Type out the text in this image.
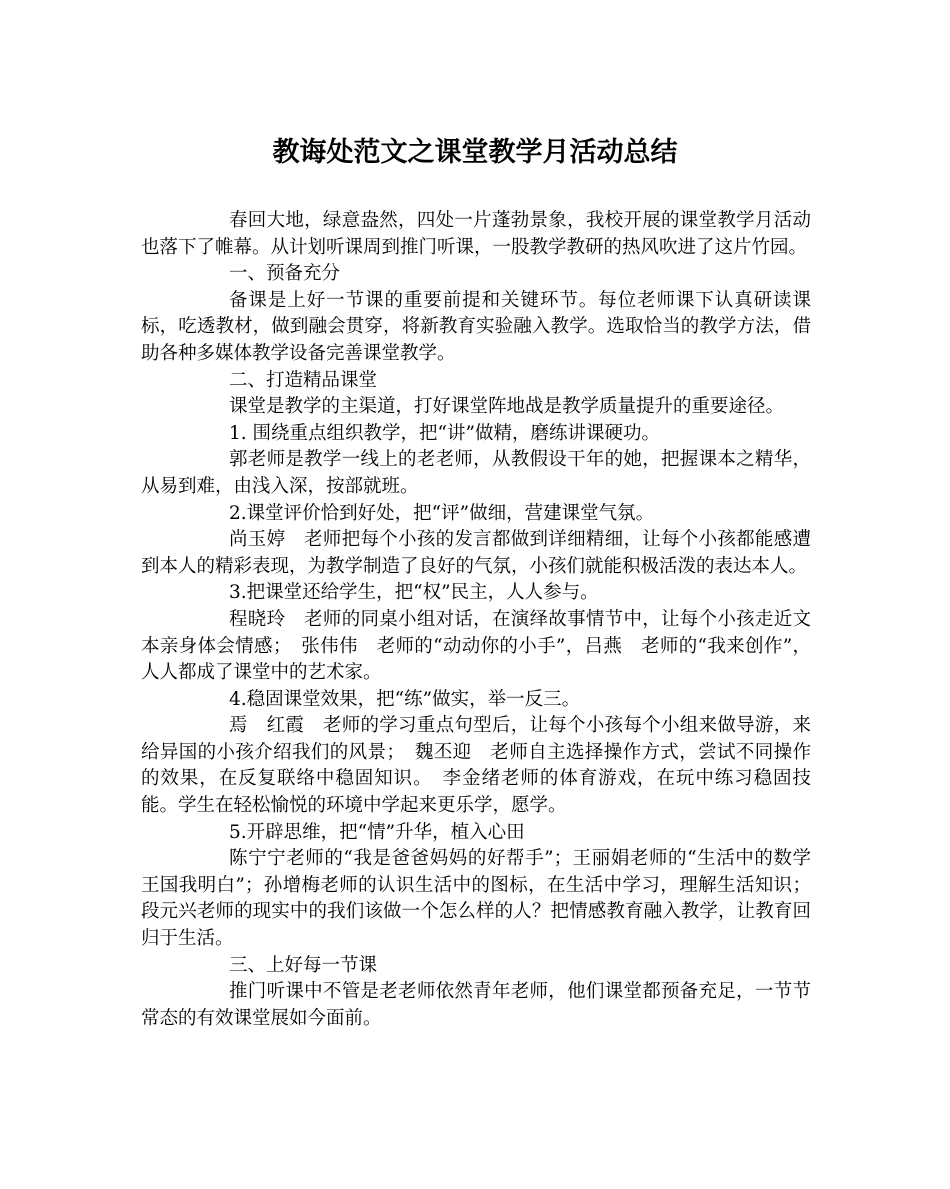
教诲处范文之课堂教学月活动总结

春回大地，绿意盎然，四处一片蓬勃景象，我校开展的课堂教学月活动也落下了帷幕。从计划听课周到推门听课，一股教学教研的热风吹进了这片竹园。

一、预备充分

备课是上好一节课的重要前提和关键环节。每位老师课下认真研读课标，吃透教材，做到融会贯穿，将新教育实验融入教学。选取恰当的教学方法，借助各种多媒体教学设备完善课堂教学。

二、打造精品课堂

课堂是教学的主渠道，打好课堂阵地战是教学质量提升的重要途径。

1. 围绕重点组织教学，把“讲”做精，磨练讲课硬功。

郭老师是教学一线上的老老师，从教假设干年的她，把握课本之精华，从易到难，由浅入深，按部就班。

2.课堂评价恰到好处，把“评”做细，营建课堂气氛。

尚玉婷　老师把每个小孩的发言都做到详细精细，让每个小孩都能感遭到本人的精彩表现，为教学制造了良好的气氛，小孩们就能积极活泼的表达本人。

3.把课堂还给学生，把“权”民主，人人参与。

程晓玲　老师的同桌小组对话，在演绎故事情节中，让每个小孩走近文本亲身体会情感；　张伟伟　老师的“动动你的小手”，吕燕　老师的“我来创作”，人人都成了课堂中的艺术家。

4.稳固课堂效果，把“练”做实，举一反三。

焉　红霞　老师的学习重点句型后，让每个小孩每个小组来做导游，来给异国的小孩介绍我们的风景；　魏丕迎　老师自主选择操作方式，尝试不同操作的效果，在反复联络中稳固知识。　李金绪老师的体育游戏，在玩中练习稳固技能。学生在轻松愉悦的环境中学起来更乐学，愿学。

5.开辟思维，把“情”升华，植入心田

陈宁宁老师的“我是爸爸妈妈的好帮手”；王丽娟老师的“生活中的数学王国我明白”；孙增梅老师的认识生活中的图标，在生活中学习，理解生活知识；段元兴老师的现实中的我们该做一个怎么样的人？把情感教育融入教学，让教育回归于生活。

三、上好每一节课

推门听课中不管是老老师依然青年老师，他们课堂都预备充足，一节节常态的有效课堂展如今面前。
